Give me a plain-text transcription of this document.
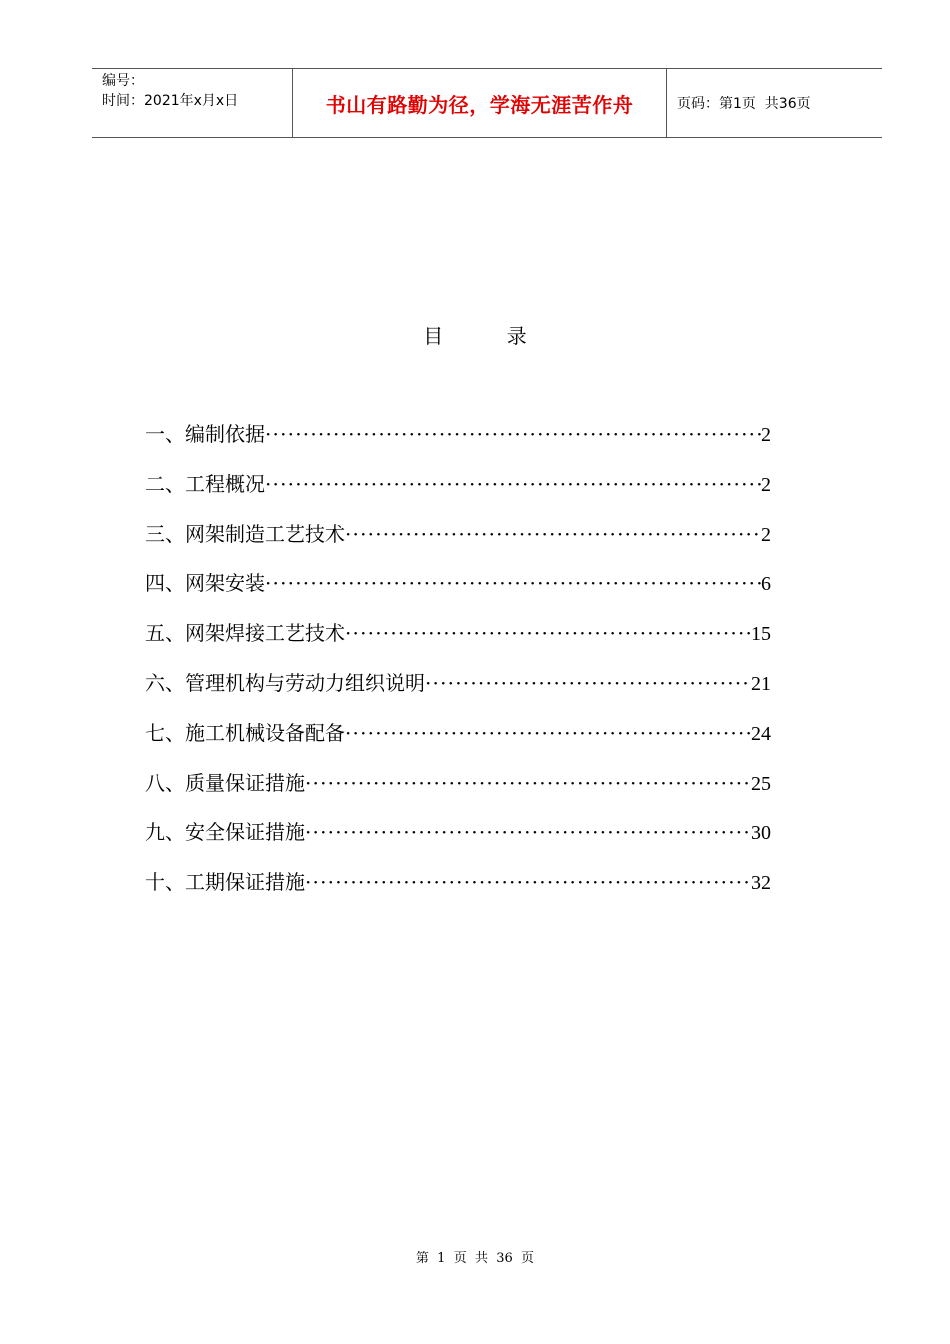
编号：
时间：2021年x月x日	书山有路勤为径，学海无涯苦作舟	页码：第1页  共36页
目          录
一、编制依据 ·····	2
二、工程概况 ·····	2
三、网架制造工艺技术 ·····	2
四、网架安装 ·····	6
五、网架焊接工艺技术 ·····	15
六、管理机构与劳动力组织说明 ·····	21
七、施工机械设备配备 ·····	24
八、质量保证措施 ·····	25
九、安全保证措施 ·····	30
十、工期保证措施 ·····	32
第  1  页  共  36  页
